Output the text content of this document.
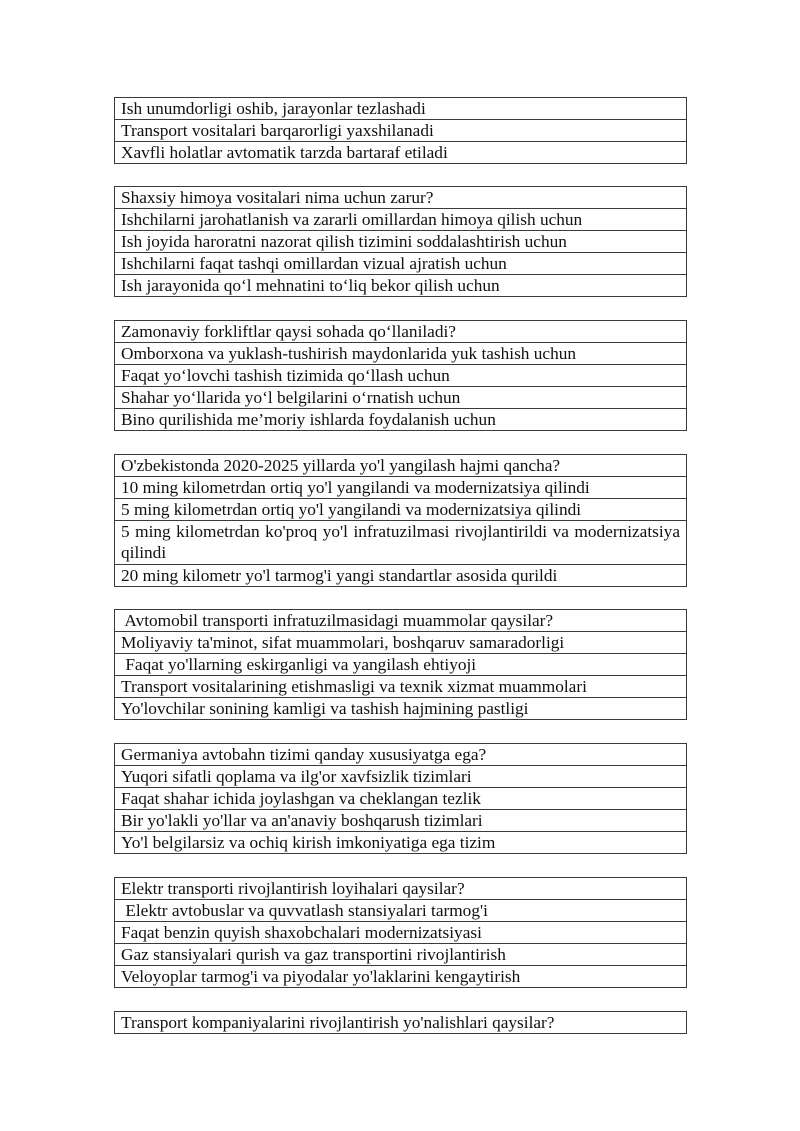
Ish unumdorligi oshib, jarayonlar tezlashadi
Transport vositalari barqarorligi yaxshilanadi
Xavfli holatlar avtomatik tarzda bartaraf etiladi
Shaxsiy himoya vositalari nima uchun zarur?
Ishchilarni jarohatlanish va zararli omillardan himoya qilish uchun
Ish joyida haroratni nazorat qilish tizimini soddalashtirish uchun
Ishchilarni faqat tashqi omillardan vizual ajratish uchun
Ish jarayonida qo‘l mehnatini to‘liq bekor qilish uchun
Zamonaviy forkliftlar qaysi sohada qo‘llaniladi?
Omborxona va yuklash-tushirish maydonlarida yuk tashish uchun
Faqat yo‘lovchi tashish tizimida qo‘llash uchun
Shahar yo‘llarida yo‘l belgilarini o‘rnatish uchun
Bino qurilishida me’moriy ishlarda foydalanish uchun
O'zbekistonda 2020-2025 yillarda yo'l yangilash hajmi qancha?
10 ming kilometrdan ortiq yo'l yangilandi va modernizatsiya qilindi
5 ming kilometrdan ortiq yo'l yangilandi va modernizatsiya qilindi
5 ming kilometrdan ko'proq yo'l infratuzilmasi rivojlantirildi va modernizatsiya qilindi
20 ming kilometr yo'l tarmog'i yangi standartlar asosida qurildi
Avtomobil transporti infratuzilmasidagi muammolar qaysilar?
Moliyaviy ta'minot, sifat muammolari, boshqaruv samaradorligi
Faqat yo'llarning eskirganligi va yangilash ehtiyoji
Transport vositalarining etishmasligi va texnik xizmat muammolari
Yo'lovchilar sonining kamligi va tashish hajmining pastligi
Germaniya avtobahn tizimi qanday xususiyatga ega?
Yuqori sifatli qoplama va ilg'or xavfsizlik tizimlari
Faqat shahar ichida joylashgan va cheklangan tezlik
Bir yo'lakli yo'llar va an'anaviy boshqarush tizimlari
Yo'l belgilarsiz va ochiq kirish imkoniyatiga ega tizim
Elektr transporti rivojlantirish loyihalari qaysilar?
Elektr avtobuslar va quvvatlash stansiyalari tarmog'i
Faqat benzin quyish shaxobchalari modernizatsiyasi
Gaz stansiyalari qurish va gaz transportini rivojlantirish
Veloyoplar tarmog'i va piyodalar yo'laklarini kengaytirish
Transport kompaniyalarini rivojlantirish yo'nalishlari qaysilar?
